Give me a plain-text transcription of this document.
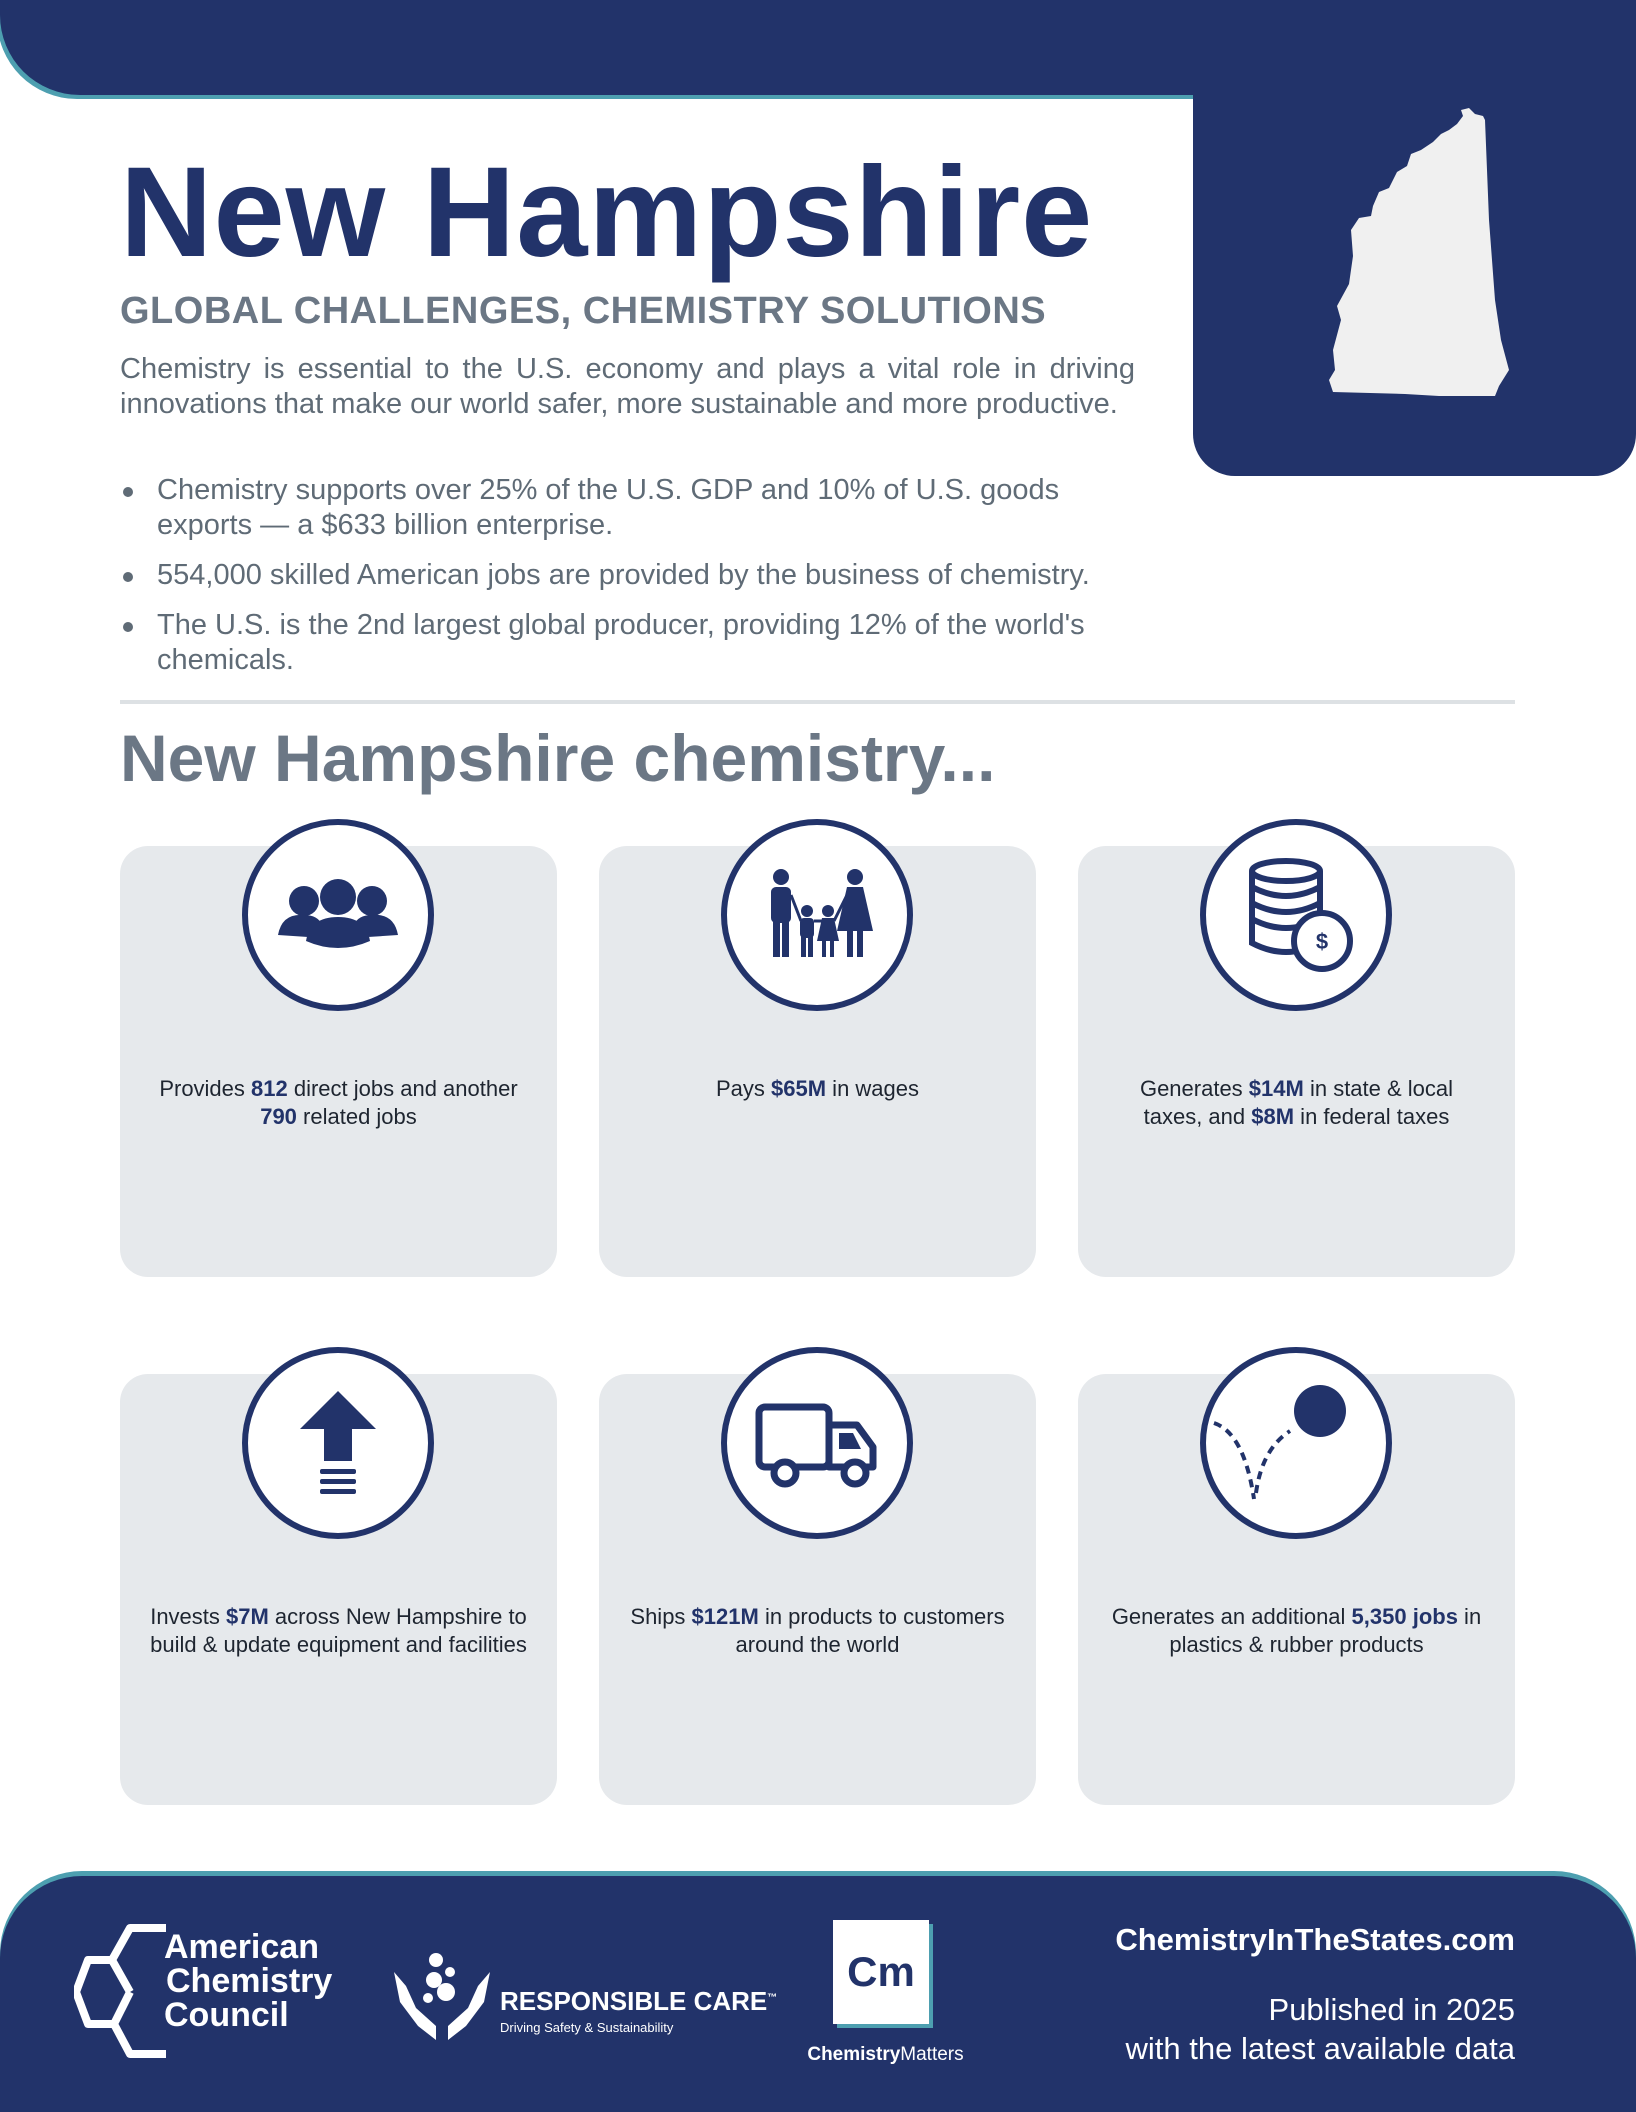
New Hampshire
GLOBAL CHALLENGES, CHEMISTRY SOLUTIONS

Chemistry is essential to the U.S. economy and plays a vital role in driving innovations that make our world safer, more sustainable and more productive.

Chemistry supports over 25% of the U.S. GDP and 10% of U.S. goods exports — a $633 billion enterprise.
554,000 skilled American jobs are provided by the business of chemistry.
The U.S. is the 2nd largest global producer, providing 12% of the world's chemicals.
New Hampshire chemistry...
Provides 812 direct jobs and another 790 related jobs
Pays $65M in wages
$
Generates $14M in state & local taxes, and $8M in federal taxes
Invests $7M across New Hampshire to build & update equipment and facilities
Ships $121M in products to customers around the world
Generates an additional 5,350 jobs in plastics & rubber products
American
Chemistry
Council	RESPONSIBLE CARE™
Driving Safety & Sustainability
Cm
ChemistryMatters
ChemistryInTheStates.com
Published in 2025
with the latest available data
